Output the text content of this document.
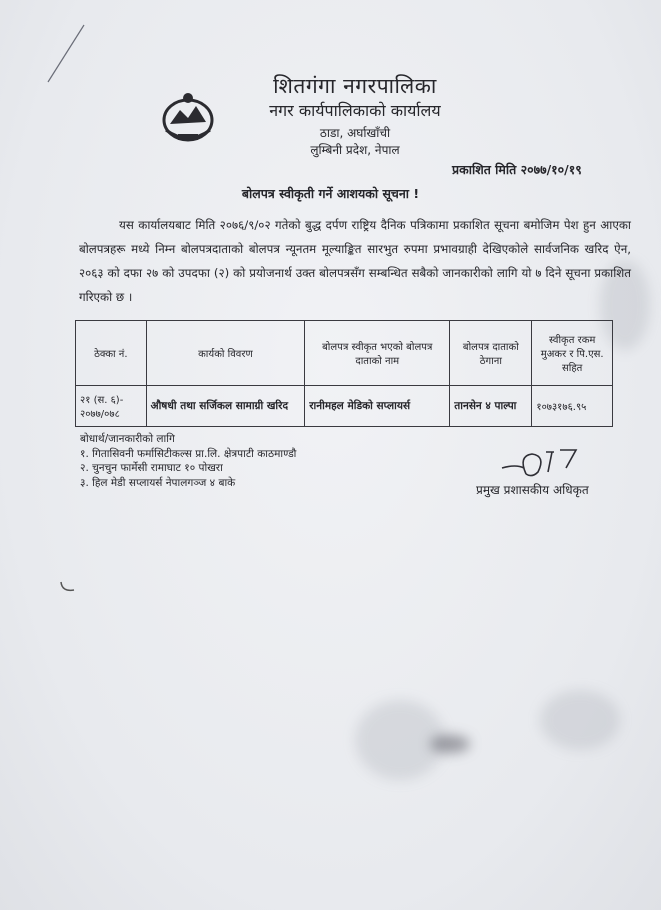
शितगंगा नगरपालिका
नगर कार्यपालिकाको कार्यालय
ठाडा, अर्घाखाँची
लुम्बिनी प्रदेश, नेपाल
प्रकाशित मिति २०७७/१०/१९
बोलपत्र स्वीकृती गर्ने आशयको सूचना !
यस कार्यालयबाट मिति २०७६/९/०२ गतेको बुद्ध दर्पण राष्ट्रिय दैनिक पत्रिकामा प्रकाशित सूचना बमोजिम पेश हुन आएका बोलपत्रहरू मध्ये निम्न बोलपत्रदाताको बोलपत्र न्यूनतम मूल्याङ्कित सारभुत रुपमा प्रभावग्राही देखिएकोले सार्वजनिक खरिद ऐन, २०६३ को दफा २७ को उपदफा (२) को प्रयोजनार्थ उक्त बोलपत्रसँग सम्बन्धित सबैको जानकारीको लागि यो ७ दिने सूचना प्रकाशित गरिएको छ ।
ठेक्का नं.	कार्यको विवरण	बोलपत्र स्वीकृत भएको बोलपत्र दाताको नाम	बोलपत्र दाताको ठेगाना	स्वीकृत रकम मुअकर र पि.एस. सहित
२१ (स. ६)- २०७७/०७८	औषधी तथा सर्जिकल सामाग्री खरिद	रानीमहल मेडिको सप्लायर्स	तानसेन ४ पाल्पा	१०७३१७६.९५
बोधार्थ/जानकारीको लागि
१. गितासिवनी फर्मासिटीकल्स प्रा.लि. क्षेत्रपाटी काठमाण्डौ
२. चुनचुन फार्मेसी रामाघाट १० पोखरा
३. हिल मेडी सप्लायर्स नेपालगञ्ज ४ बाके
प्रमुख प्रशासकीय अधिकृत
